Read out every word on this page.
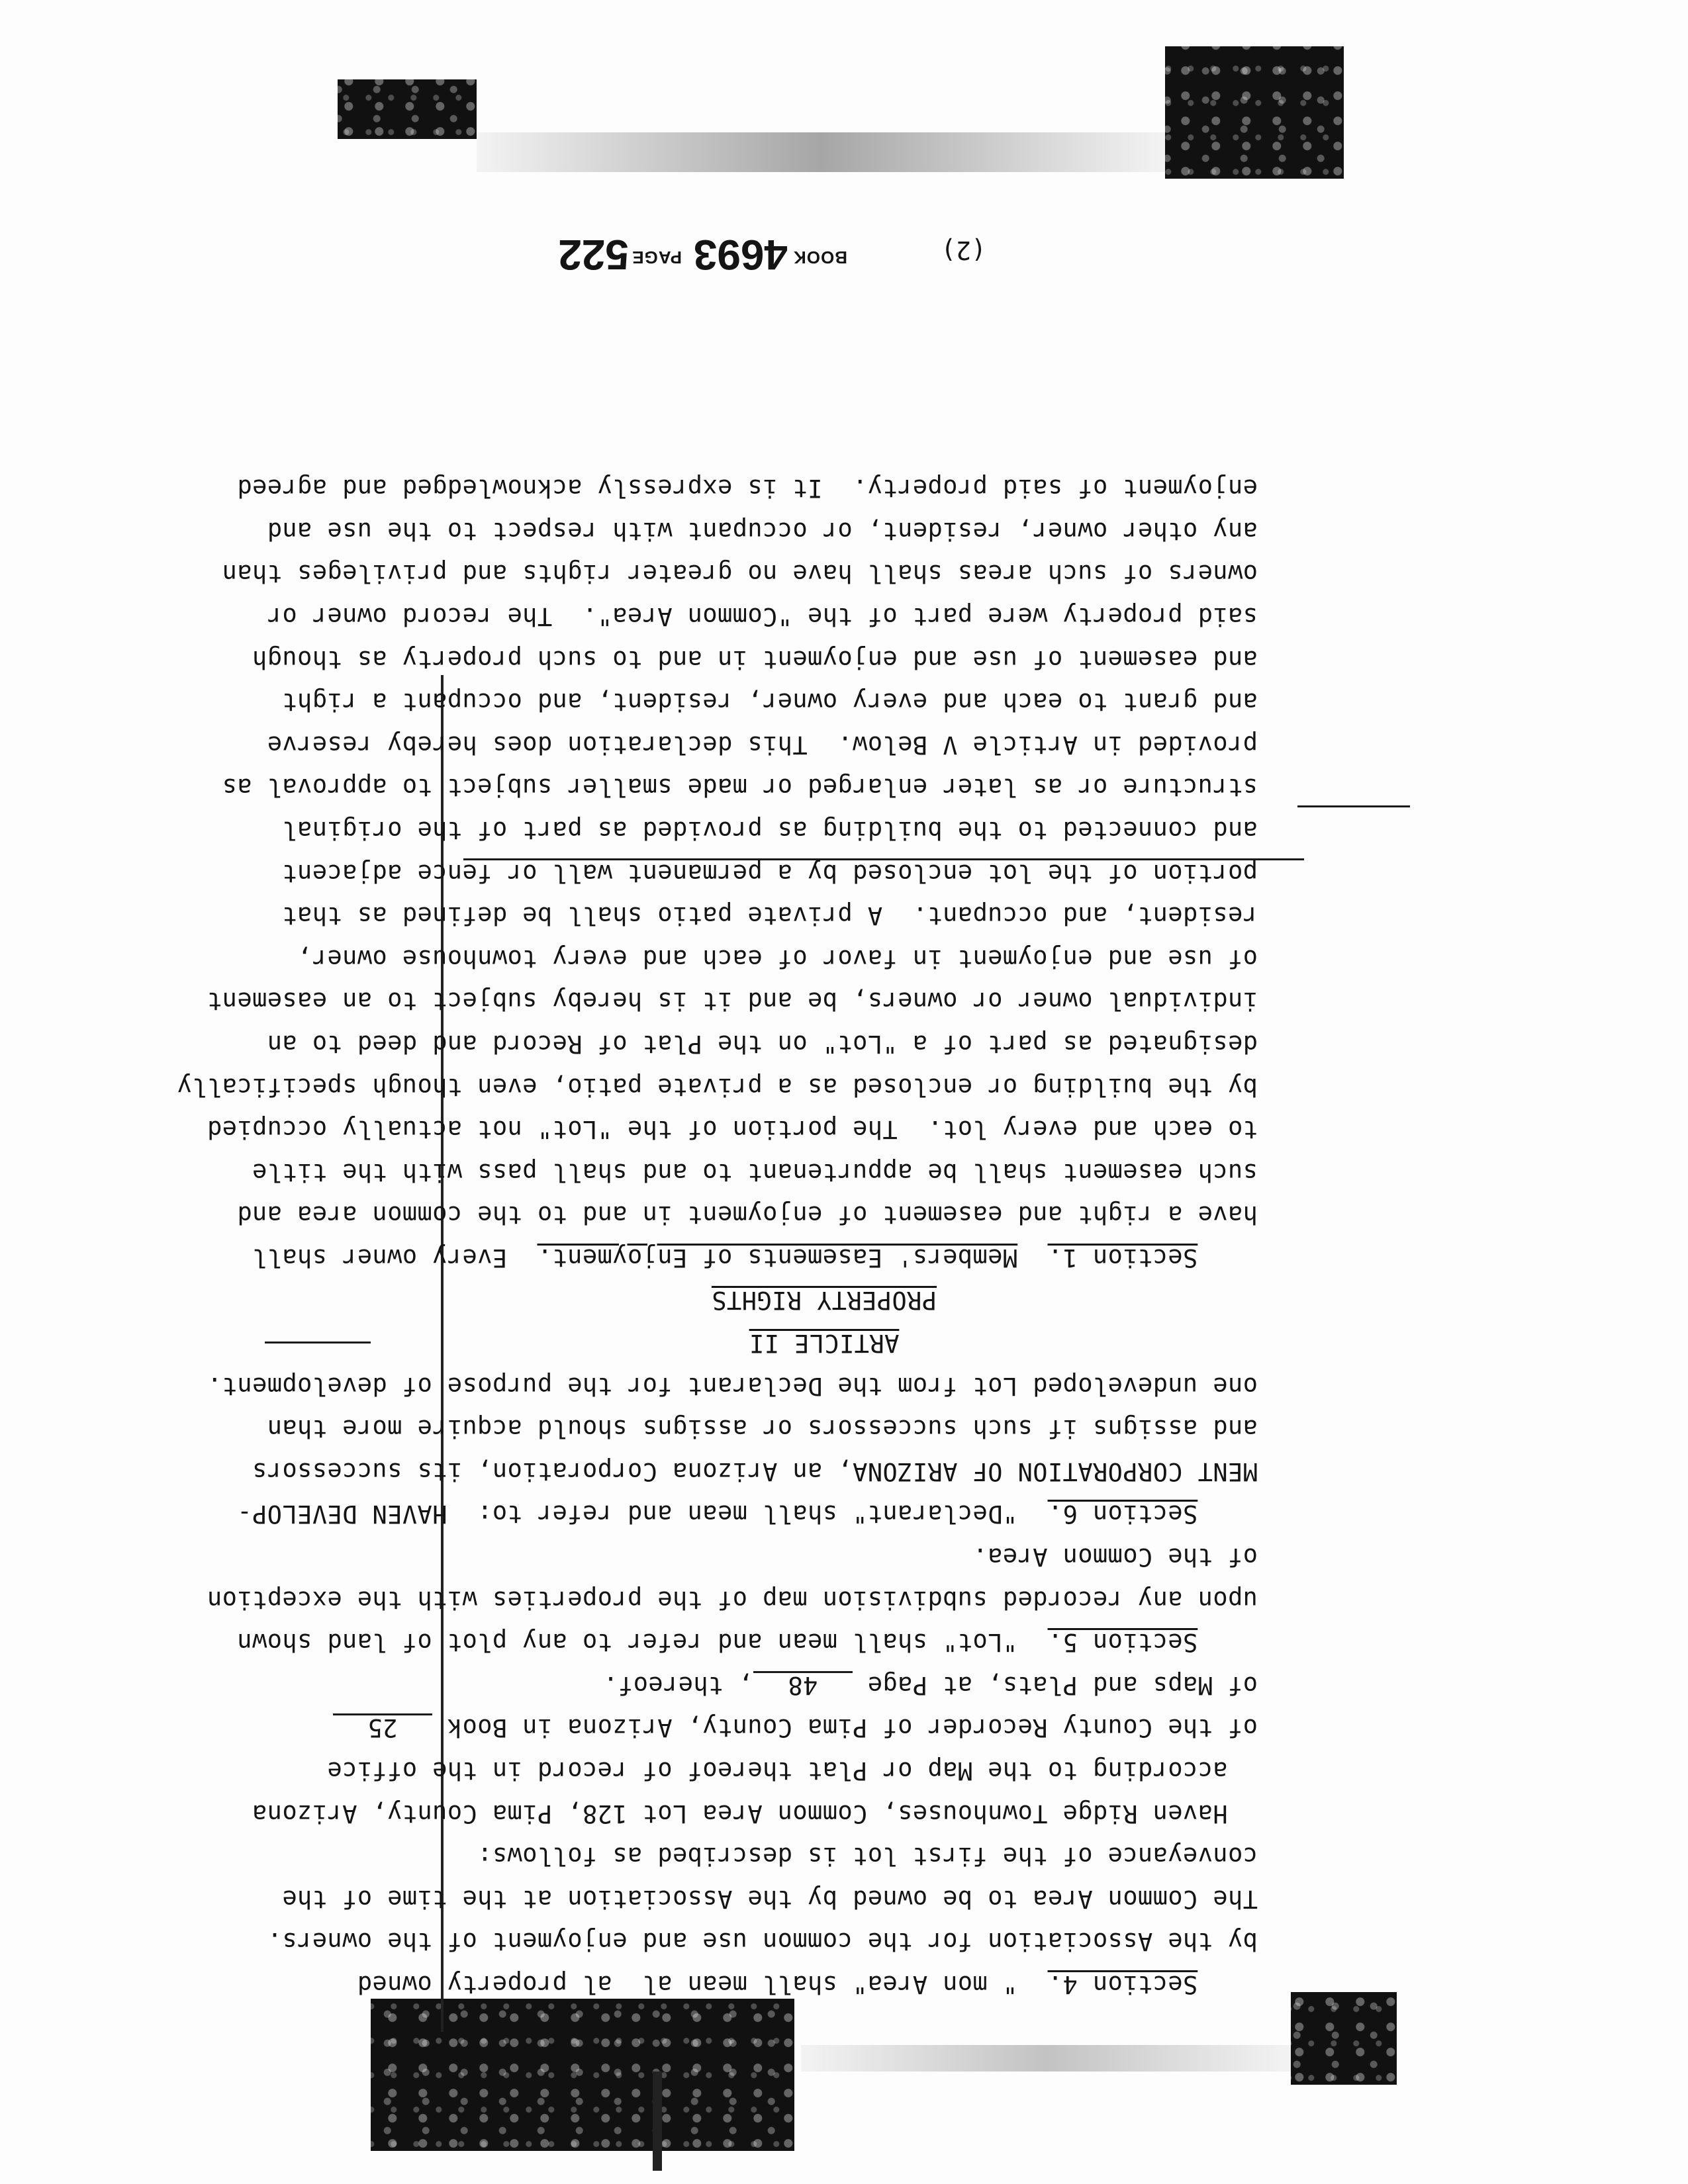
Section 4.  " mon Area" shall mean al  al property owned
by the Association for the common use and enjoyment of the owners.
The Common Area to be owned by the Association at the time of the
conveyance of the first lot is described as follows:
Haven Ridge Townhouses, Common Area Lot 128, Pima County, Arizona
according to the Map or Plat thereof of record in the office
of the County Recorder of Pima County, Arizona in Book 25
of Maps and Plats, at Page 48, thereof.
Section 5.  "Lot" shall mean and refer to any plot of land shown
upon any recorded subdivision map of the properties with the exception
of the Common Area.
Section 6.  "Declarant" shall mean and refer to:  HAVEN DEVELOP-
MENT CORPORATION OF ARIZONA, an Arizona Corporation, its successors
and assigns if such successors or assigns should acquire more than
one undeveloped Lot from the Declarant for the purpose of development.
ARTICLE II
PROPERTY RIGHTS
Section 1.  Members' Easements of Enjoyment.  Every owner shall
have a right and easement of enjoyment in and to the common area and
such easement shall be appurtenant to and shall pass with the title
to each and every lot.  The portion of the "Lot" not actually occupied
by the building or enclosed as a private patio, even though specifically
designated as part of a "Lot" on the Plat of Record and deed to an
individual owner or owners, be and it is hereby subject to an easement
of use and enjoyment in favor of each and every townhouse owner,
resident, and occupant.  A private patio shall be defined as that
portion of the lot enclosed by a permanent wall or fence adjacent
and connected to the building as provided as part of the original
structure or as later enlarged or made smaller subject to approval as
provided in Article V Below.  This declaration does hereby reserve
and grant to each and every owner, resident, and occupant a right
and easement of use and enjoyment in and to such property as though
said property were part of the "Common Area".  The record owner or
owners of such areas shall have no greater rights and privileges than
any other owner, resident, or occupant with respect to the use and
enjoyment of said property.  It is expressly acknowledged and agreed
(2)
BOOK
4693
PAGE
522
